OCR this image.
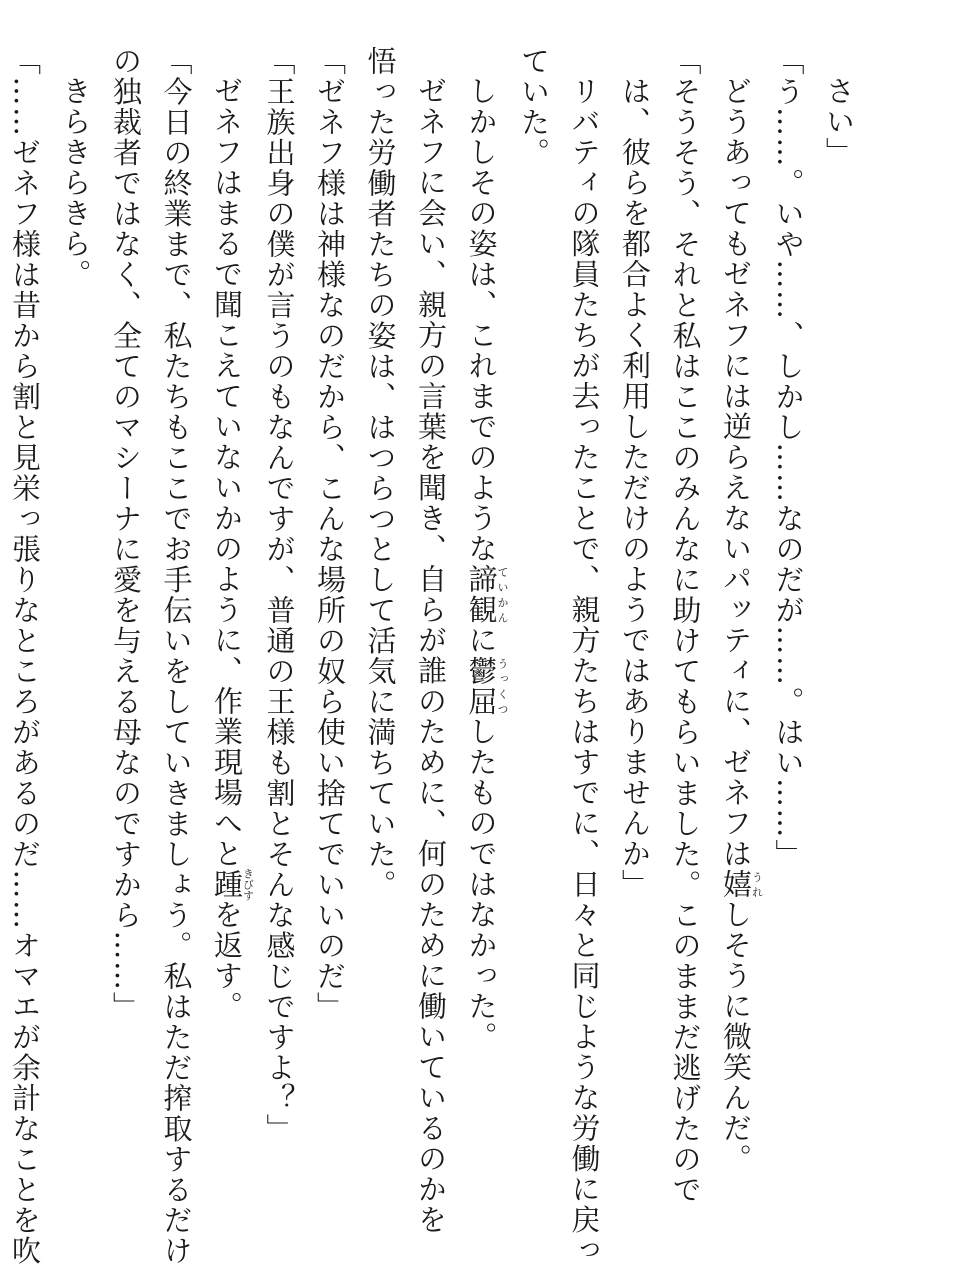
さい」

「う……。いや……、しかし……なのだが……。はい……」

どうあってもゼネフには逆らえないパッティに、ゼネフは嬉うれしそうに微笑んだ。

「そうそう、それと私はここのみんなに助けてもらいました。このままだ逃げたので

は、彼らを都合よく利用しただけのようではありませんか」

リバティの隊員たちが去ったことで、親方たちはすでに、日々と同じような労働に戻っ

ていた。

しかしその姿は、これまでのような諦観ていかんに鬱屈うっくつしたものではなかった。

ゼネフに会い、親方の言葉を聞き、自らが誰のために、何のために働いているのかを

悟った労働者たちの姿は、はつらつとして活気に満ちていた。

「ゼネフ様は神様なのだから、こんな場所の奴ら使い捨てでいいのだ」

「王族出身の僕が言うのもなんですが、普通の王様も割とそんな感じですよ？」

ゼネフはまるで聞こえていないかのように、作業現場へと踵きびすを返す。

「今日の終業まで、私たちもここでお手伝いをしていきましょう。私はただ搾取するだけ

の独裁者ではなく、全てのマシーナに愛を与える母なのですから……」

きらきらきら。

「……ゼネフ様は昔から割と見栄っ張りなところがあるのだ……オマエが余計なことを吹
